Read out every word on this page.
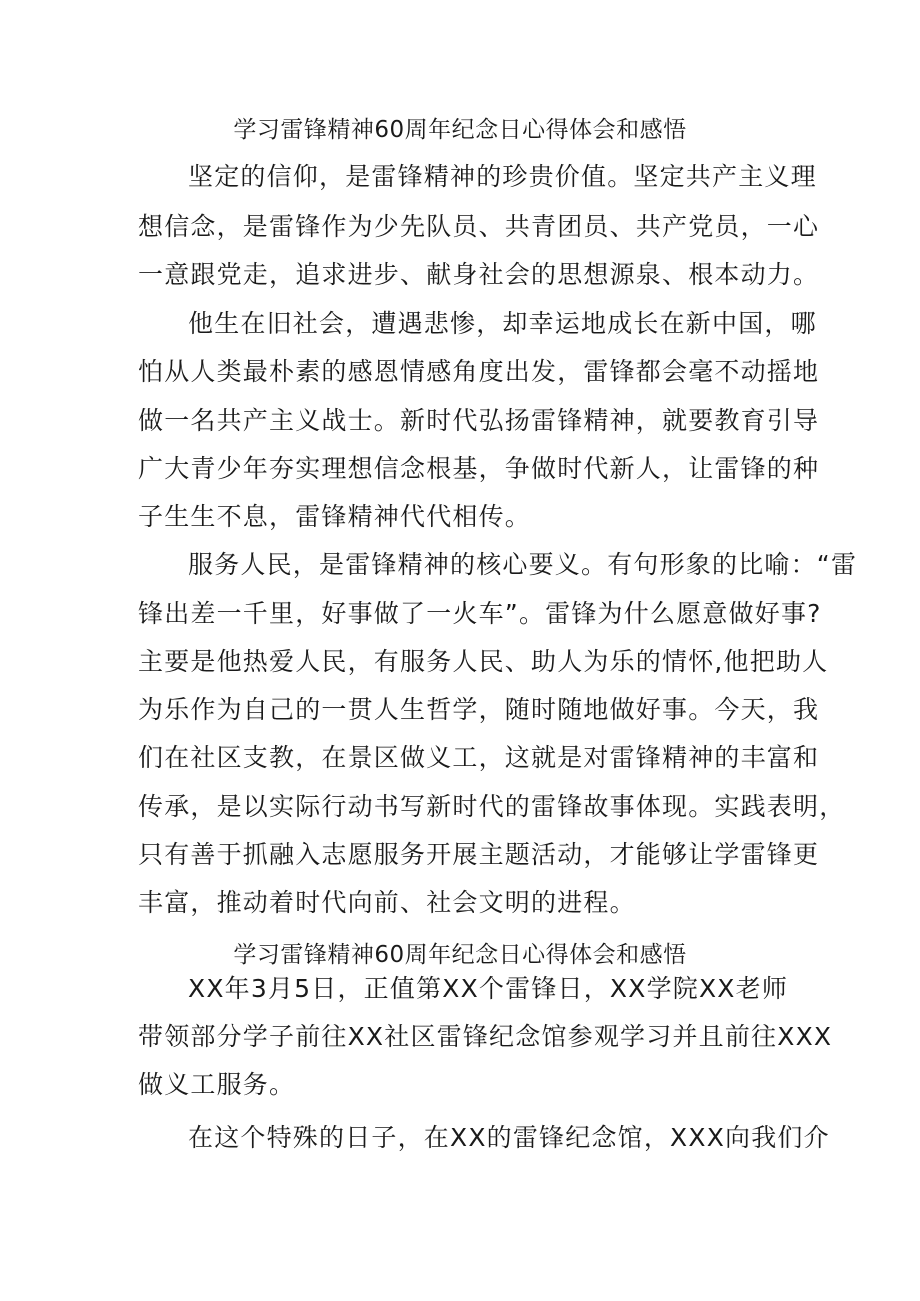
学习雷锋精神60周年纪念日心得体会和感悟
坚定的信仰，是雷锋精神的珍贵价值。坚定共产主义理
想信念，是雷锋作为少先队员、共青团员、共产党员，一心
一意跟党走，追求进步、献身社会的思想源泉、根本动力。
他生在旧社会，遭遇悲惨，却幸运地成长在新中国，哪
怕从人类最朴素的感恩情感角度出发，雷锋都会毫不动摇地
做一名共产主义战士。新时代弘扬雷锋精神，就要教育引导
广大青少年夯实理想信念根基，争做时代新人，让雷锋的种
子生生不息，雷锋精神代代相传。
服务人民，是雷锋精神的核心要义。有句形象的比喻：“雷
锋出差一千里，好事做了一火车”。雷锋为什么愿意做好事?
主要是他热爱人民，有服务人民、助人为乐的情怀,他把助人
为乐作为自己的一贯人生哲学，随时随地做好事。今天，我
们在社区支教，在景区做义工，这就是对雷锋精神的丰富和
传承，是以实际行动书写新时代的雷锋故事体现。实践表明，
只有善于抓融入志愿服务开展主题活动，才能够让学雷锋更
丰富，推动着时代向前、社会文明的进程。
学习雷锋精神60周年纪念日心得体会和感悟
XX年3月5日，正值第XX个雷锋日，XX学院XX老师
带领部分学子前往XX社区雷锋纪念馆参观学习并且前往XXX
做义工服务。
在这个特殊的日子，在XX的雷锋纪念馆，XXX向我们介
